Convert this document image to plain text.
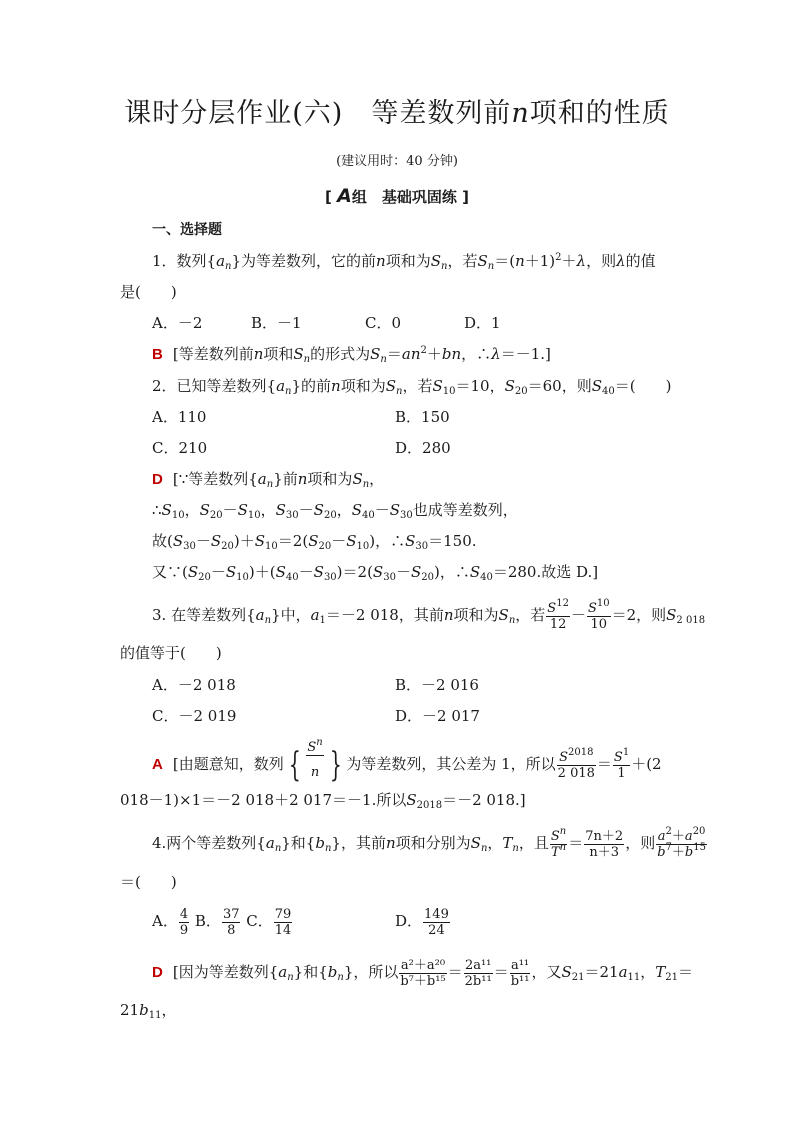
课时分层作业(六)　等差数列前n项和的性质
(建议用时：40 分钟)
[ A组　基础巩固练 ]
一、选择题
1．数列$\{a_n\}$为等差数列，它的前n项和为$S_n$，若$S_n=(n+1)^2+\lambda$，则λ的值
是(　　)
A．－2	B．－1	C．0	D．1
B [等差数列前n项和$S_n$的形式为$S_n=an^2+bn$，∴λ＝－1.]
2．已知等差数列$\{a_n\}$的前n项和为$S_n$，若$S_{10}=10$，$S_{20}=60$，则$S_{40}=$(　　)
A．110	B．150
C．210	D．280
D [∵等差数列$\{a_n\}$前n项和为$S_n$，
$\therefore S_{10}$，$S_{20}-S_{10}$，$S_{30}-S_{20}$，$S_{40}-S_{30}$也成等差数列，
故$(S_{30}-S_{20})+S_{10}=2(S_{20}-S_{10})$，$\therefore S_{30}=150$.
又$\because(S_{20}-S_{10})+(S_{40}-S_{30})=2(S_{30}-S_{20})$，$\therefore S_{40}=280$.故选 D.]
3. 在等差数列$\{a_n\}$中，$a_1=-2$ 018，其前n项和为$S_n$，若 $\frac{S^{12}}{12} - \frac{S^{10}}{10} =2$，则$S_{2 018}$
的值等于(　　)
A．－2 018	B．－2 016
C．－2 019	D．－2 017
A [由题意知，数列 { $\frac{S^n}{n}$ } 为等差数列，其公差为 1，所以 $\frac{S^{2018}}{2 018} = \frac{S^1}{1} +(2$
018－1)×1＝－2 018＋2 017＝－1.所以$S_{2018}=-2$ 018.]
4.两个等差数列$\{a_n\}$和$\{b_n\}$，其前n项和分别为$S_n$，$T_n$，且 $\frac{S^n}{T^n} = \frac{7n+2}{n+3}$ ，则 $\frac{a^2+a^{20}}{b^7+b^{15}}$
＝(　　)
A． $\frac{4}{9}$ B． $\frac{37}{8}$ C． $\frac{79}{14}$	D． $\frac{149}{24}$
D [因为等差数列$\{a_n\}$和$\{b_n\}$，所以 $\frac{\text{a²＋a²⁰}}{\text{b⁷＋b¹⁵}} = \frac{\text{2a¹¹}}{\text{2b¹¹}} = \frac{\text{a¹¹}}{\text{b¹¹}}$ ，又$S_{21}=21a_{11}$，$T_{21}=$
$21b_{11}$，
